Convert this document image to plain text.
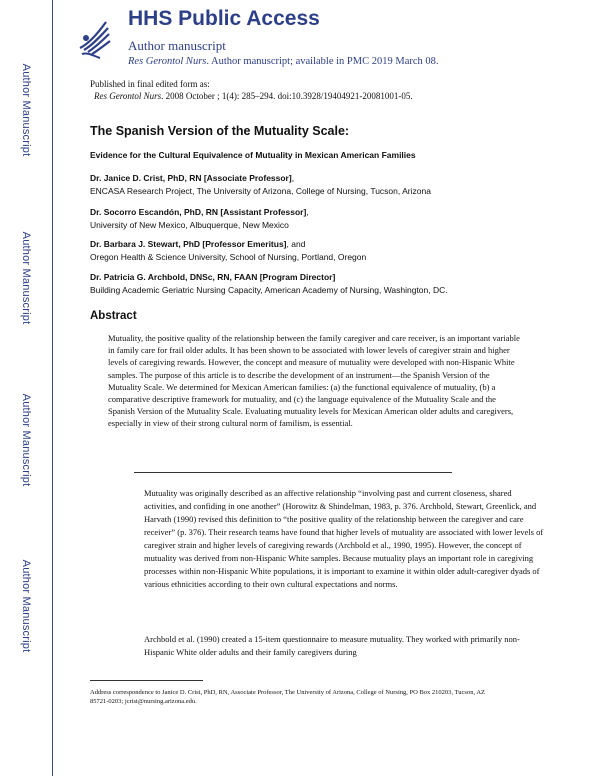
Author Manuscript
Author Manuscript
Author Manuscript
Author Manuscript
HHS Public Access
Author manuscript
Res Gerontol Nurs. Author manuscript; available in PMC 2019 March 08.
Published in final edited form as:
Res Gerontol Nurs. 2008 October ; 1(4): 285–294. doi:10.3928/19404921-20081001-05.
The Spanish Version of the Mutuality Scale:
Evidence for the Cultural Equivalence of Mutuality in Mexican American Families
Dr. Janice D. Crist, PhD, RN [Associate Professor],
ENCASA Research Project, The University of Arizona, College of Nursing, Tucson, Arizona
Dr. Socorro Escandón, PhD, RN [Assistant Professor],
University of New Mexico, Albuquerque, New Mexico
Dr. Barbara J. Stewart, PhD [Professor Emeritus], and
Oregon Health & Science University, School of Nursing, Portland, Oregon
Dr. Patricia G. Archbold, DNSc, RN, FAAN [Program Director]
Building Academic Geriatric Nursing Capacity, American Academy of Nursing, Washington, DC.
Abstract

Mutuality, the positive quality of the relationship between the family caregiver and care receiver, is an important variable in family care for frail older adults. It has been shown to be associated with lower levels of caregiver strain and higher levels of caregiving rewards. However, the concept and measure of mutuality were developed with non-Hispanic White samples. The purpose of this article is to describe the development of an instrument—the Spanish Version of the Mutuality Scale. We determined for Mexican American families: (a) the functional equivalence of mutuality, (b) a comparative descriptive framework for mutuality, and (c) the language equivalence of the Mutuality Scale and the Spanish Version of the Mutuality Scale. Evaluating mutuality levels for Mexican American older adults and caregivers, especially in view of their strong cultural norm of familism, is essential.

Mutuality was originally described as an affective relationship “involving past and current closeness, shared activities, and confiding in one another” (Horowitz & Shindelman, 1983, p. 376. Archbold, Stewart, Greenlick, and Harvath (1990) revised this definition to “the positive quality of the relationship between the caregiver and care receiver” (p. 376). Their research teams have found that higher levels of mutuality are associated with lower levels of caregiver strain and higher levels of caregiving rewards (Archbold et al., 1990, 1995). However, the concept of mutuality was derived from non-Hispanic White samples. Because mutuality plays an important role in caregiving processes within non-Hispanic White populations, it is important to examine it within older adult-caregiver dyads of various ethnicities according to their own cultural expectations and norms.

Archbold et al. (1990) created a 15-item questionnaire to measure mutuality. They worked with primarily non-Hispanic White older adults and their family caregivers during

Address correspondence to Janice D. Crist, PhD, RN, Associate Professor, The University of Arizona, College of Nursing, PO Box 210203, Tucson, AZ 85721-0203; jcrist@nursing.arizona.edu.
